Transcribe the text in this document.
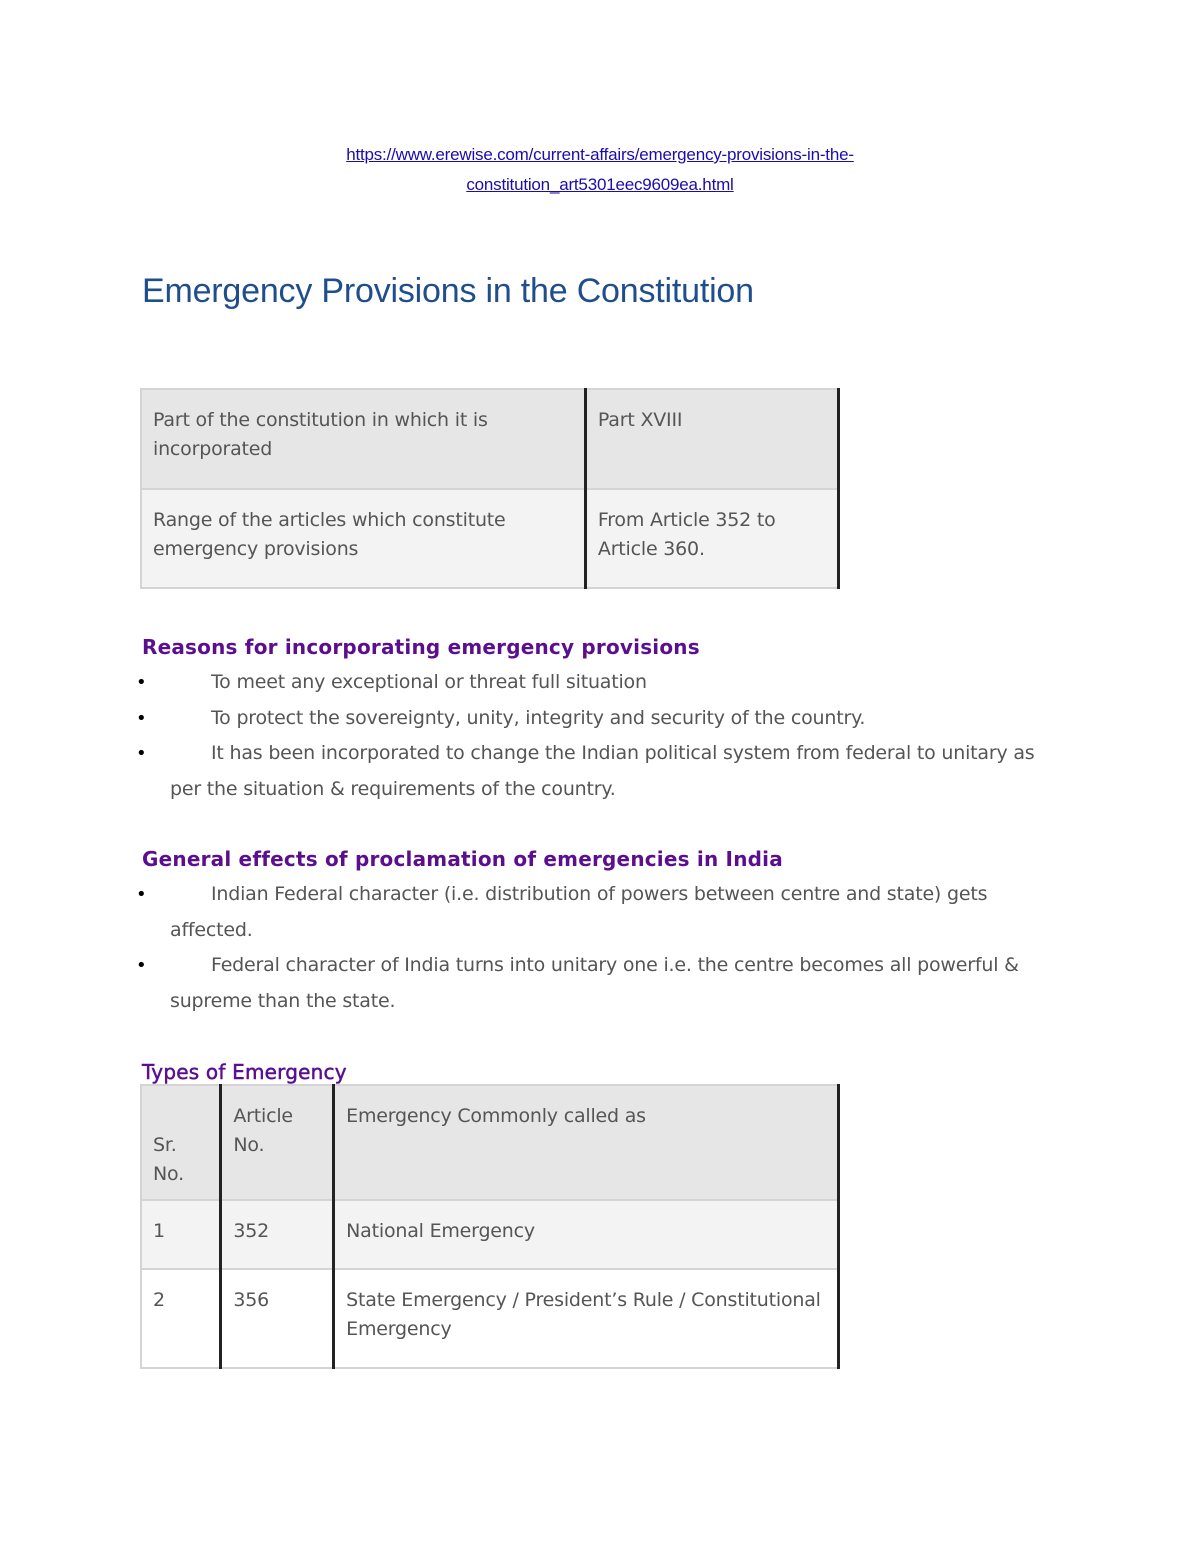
https://www.erewise.com/current-affairs/emergency-provisions-in-the-
constitution_art5301eec9609ea.html
Emergency Provisions in the Constitution
Part of the constitution in which it is incorporated	Part XVIII
Range of the articles which constitute emergency provisions	From Article 352 to Article 360.
Reasons for incorporating emergency provisions
•	To meet any exceptional or threat full situation
•	To protect the sovereignty, unity, integrity and security of the country.
•	It has been incorporated to change the Indian political system from federal to unitary as per the situation & requirements of the country.
General effects of proclamation of emergencies in India
•	Indian Federal character (i.e. distribution of powers between centre and state) gets affected.
•	Federal character of India turns into unitary one i.e. the centre becomes all powerful & supreme than the state.
Types of Emergency
Sr. No.	Article No.	Emergency Commonly called as
1	352	National Emergency
2	356	State Emergency / President’s Rule / Constitutional Emergency
